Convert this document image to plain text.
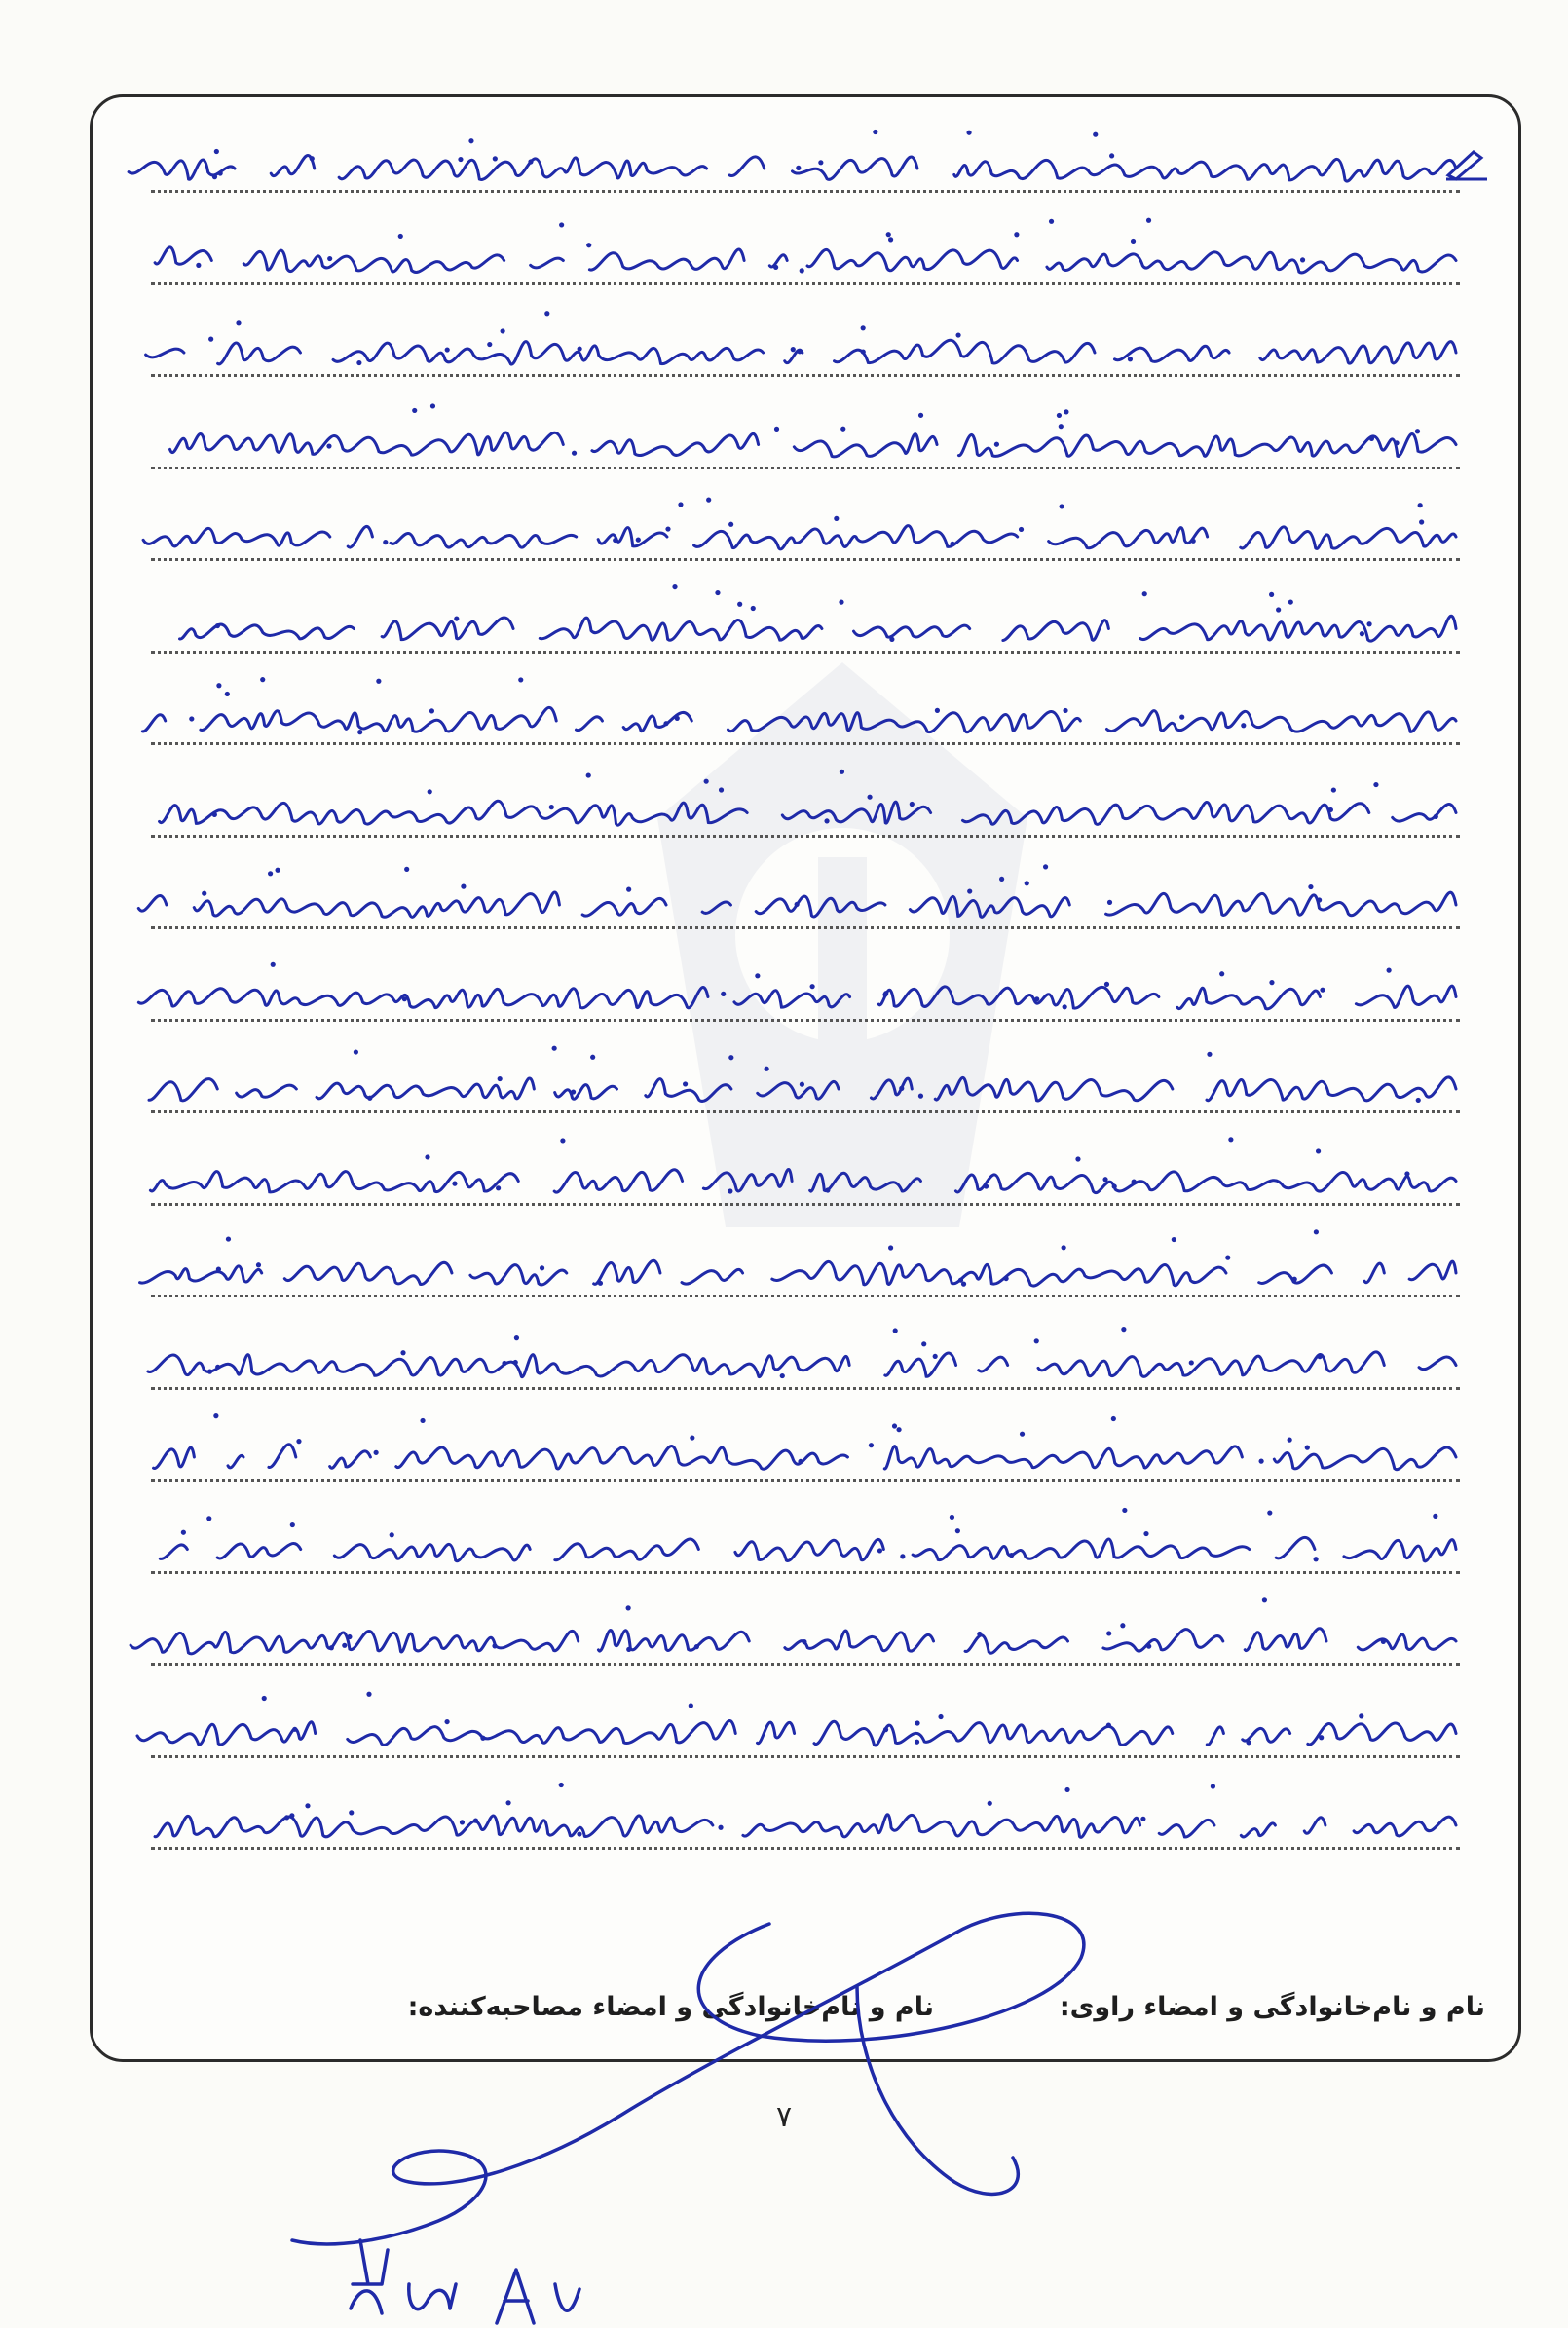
نام و نام‌خانوادگی و امضاء راوی:
نام و نام‌خانوادگی و امضاء مصاحبه‌کننده:
۷
